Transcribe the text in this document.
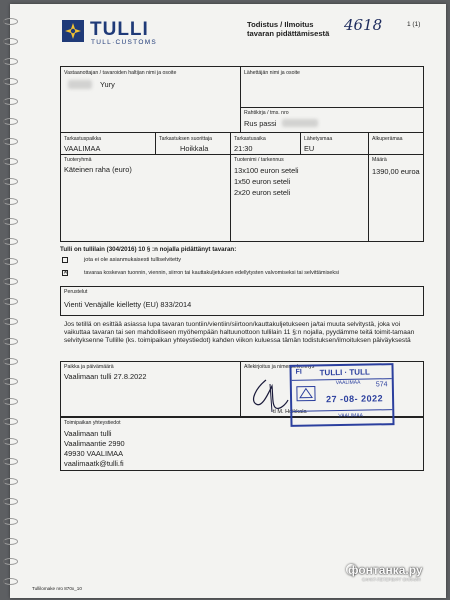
TULLI
TULL·CUSTOMS
Todistus / Ilmoitus
tavaran pidättämisestä 4618	1 (1)
Vastaanottajan / tavaroiden haltijan nimi ja osoite
Yury
Lähettäjän nimi ja osoite
Rahtikirja / tms. nro
Rus passi
Tarkastuspaikka
VAALIMAA
Tarkastuksen suorittaja
Hoikkala
Tarkastusaika
21:30
Lähetysmaa
EU
Alkuperämaa
Tuoteryhmä
Käteinen raha (euro)
Tuotenimi / tarkennus
13x100 euron seteli
1x50 euron seteli
2x20 euron seteli
Määrä
1390,00 euroa
Tulli on tullilain (304/2016) 10 § :n nojalla pidättänyt tavaran:
jota ei ole asianmukaisesti tulliselvitetty
✕	tavaraa koskevan tuonnin, viennin, siirron tai kauttakuljetuksen edellytysten valvomiseksi tai selvittämiseksi
Perustelut
Vienti Venäjälle kielletty (EU) 833/2014
Jos tetillä on esittää asiassa lupa tavaran tuontiin/vientiin/siirtoon/kauttakuljetukseen ja/tai muuta selvitystä, joka voi vaikuttaa tavaran tai sen mahdolliseen myöhempään haltuunottoon tullilain 11 §:n nojalla, pyydämme teitä toimit-tamaan selvityksenne Tullille (ks. toimipaikan yhteystiedot) kahden viikon kuluessa tämän todistuksen/ilmoituksen päiväyksestä
Paikka ja päivämäärä
Vaalimaan tulli 27.8.2022
Allekirjoitus ja nimenselvennys
tl M. Hoikkala
Toimipaikan yhteystiedot
Vaalimaan tulli
Vaalimaantie 2990
49930 VAALIMAA
vaalimaatk@tulli.fi
Tullilomake nro 870x_10
фонтанка.ру
САНКТ-ПЕТЕРБУРГ ОНЛАЙН
FI TULLI · TULL
VAALIMAA 574
27 -08- 2022
VAALIMAA
